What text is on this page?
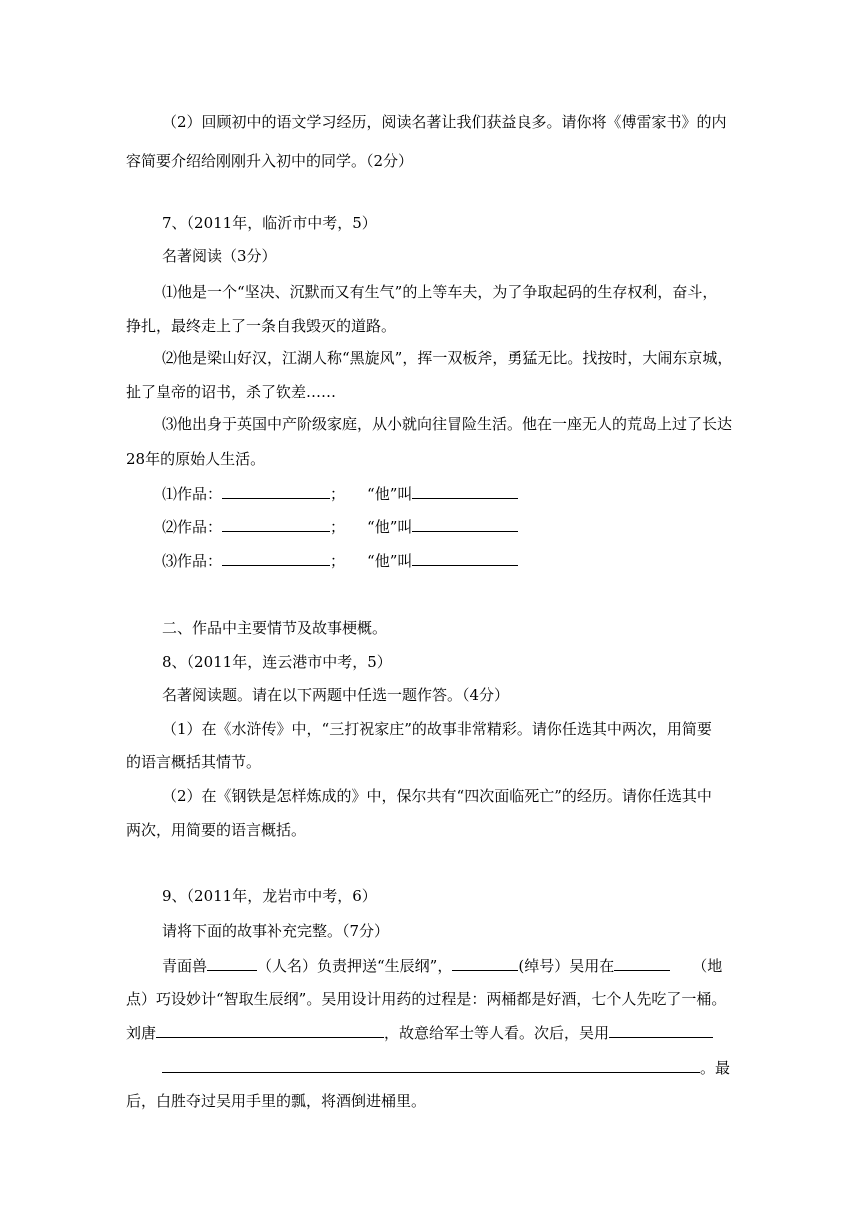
（2）回顾初中的语文学习经历，阅读名著让我们获益良多。请你将《傅雷家书》的内
容简要介绍给刚刚升入初中的同学。（2分）
7、（2011年，临沂市中考，5）
名著阅读（3分）
⑴他是一个“坚决、沉默而又有生气”的上等车夫，为了争取起码的生存权利，奋斗，
挣扎，最终走上了一条自我毁灭的道路。
⑵他是梁山好汉，江湖人称“黑旋风”，挥一双板斧，勇猛无比。找按时，大闹东京城，
扯了皇帝的诏书，杀了钦差……
⑶他出身于英国中产阶级家庭，从小就向往冒险生活。他在一座无人的荒岛上过了长达
28年的原始人生活。
⑴作品：	； “他”叫
⑵作品：	； “他”叫
⑶作品：	； “他”叫
二、作品中主要情节及故事梗概。
8、（2011年，连云港市中考，5）
名著阅读题。请在以下两题中任选一题作答。（4分）
（1）在《水浒传》中，“三打祝家庄”的故事非常精彩。请你任选其中两次，用简要
的语言概括其情节。
（2）在《钢铁是怎样炼成的》中，保尔共有“四次面临死亡”的经历。请你任选其中
两次，用简要的语言概括。
9、（2011年，龙岩市中考，6）
请将下面的故事补充完整。（7分）
青面兽	（人名）负责押送“生辰纲”，	(绰号）吴用在	（地
点）巧设妙计“智取生辰纲”。吴用设计用药的过程是：两桶都是好酒，七个人先吃了一桶。
刘唐	，故意给军士等人看。次后，吴用
。最
后，白胜夺过吴用手里的瓢，将酒倒进桶里。
